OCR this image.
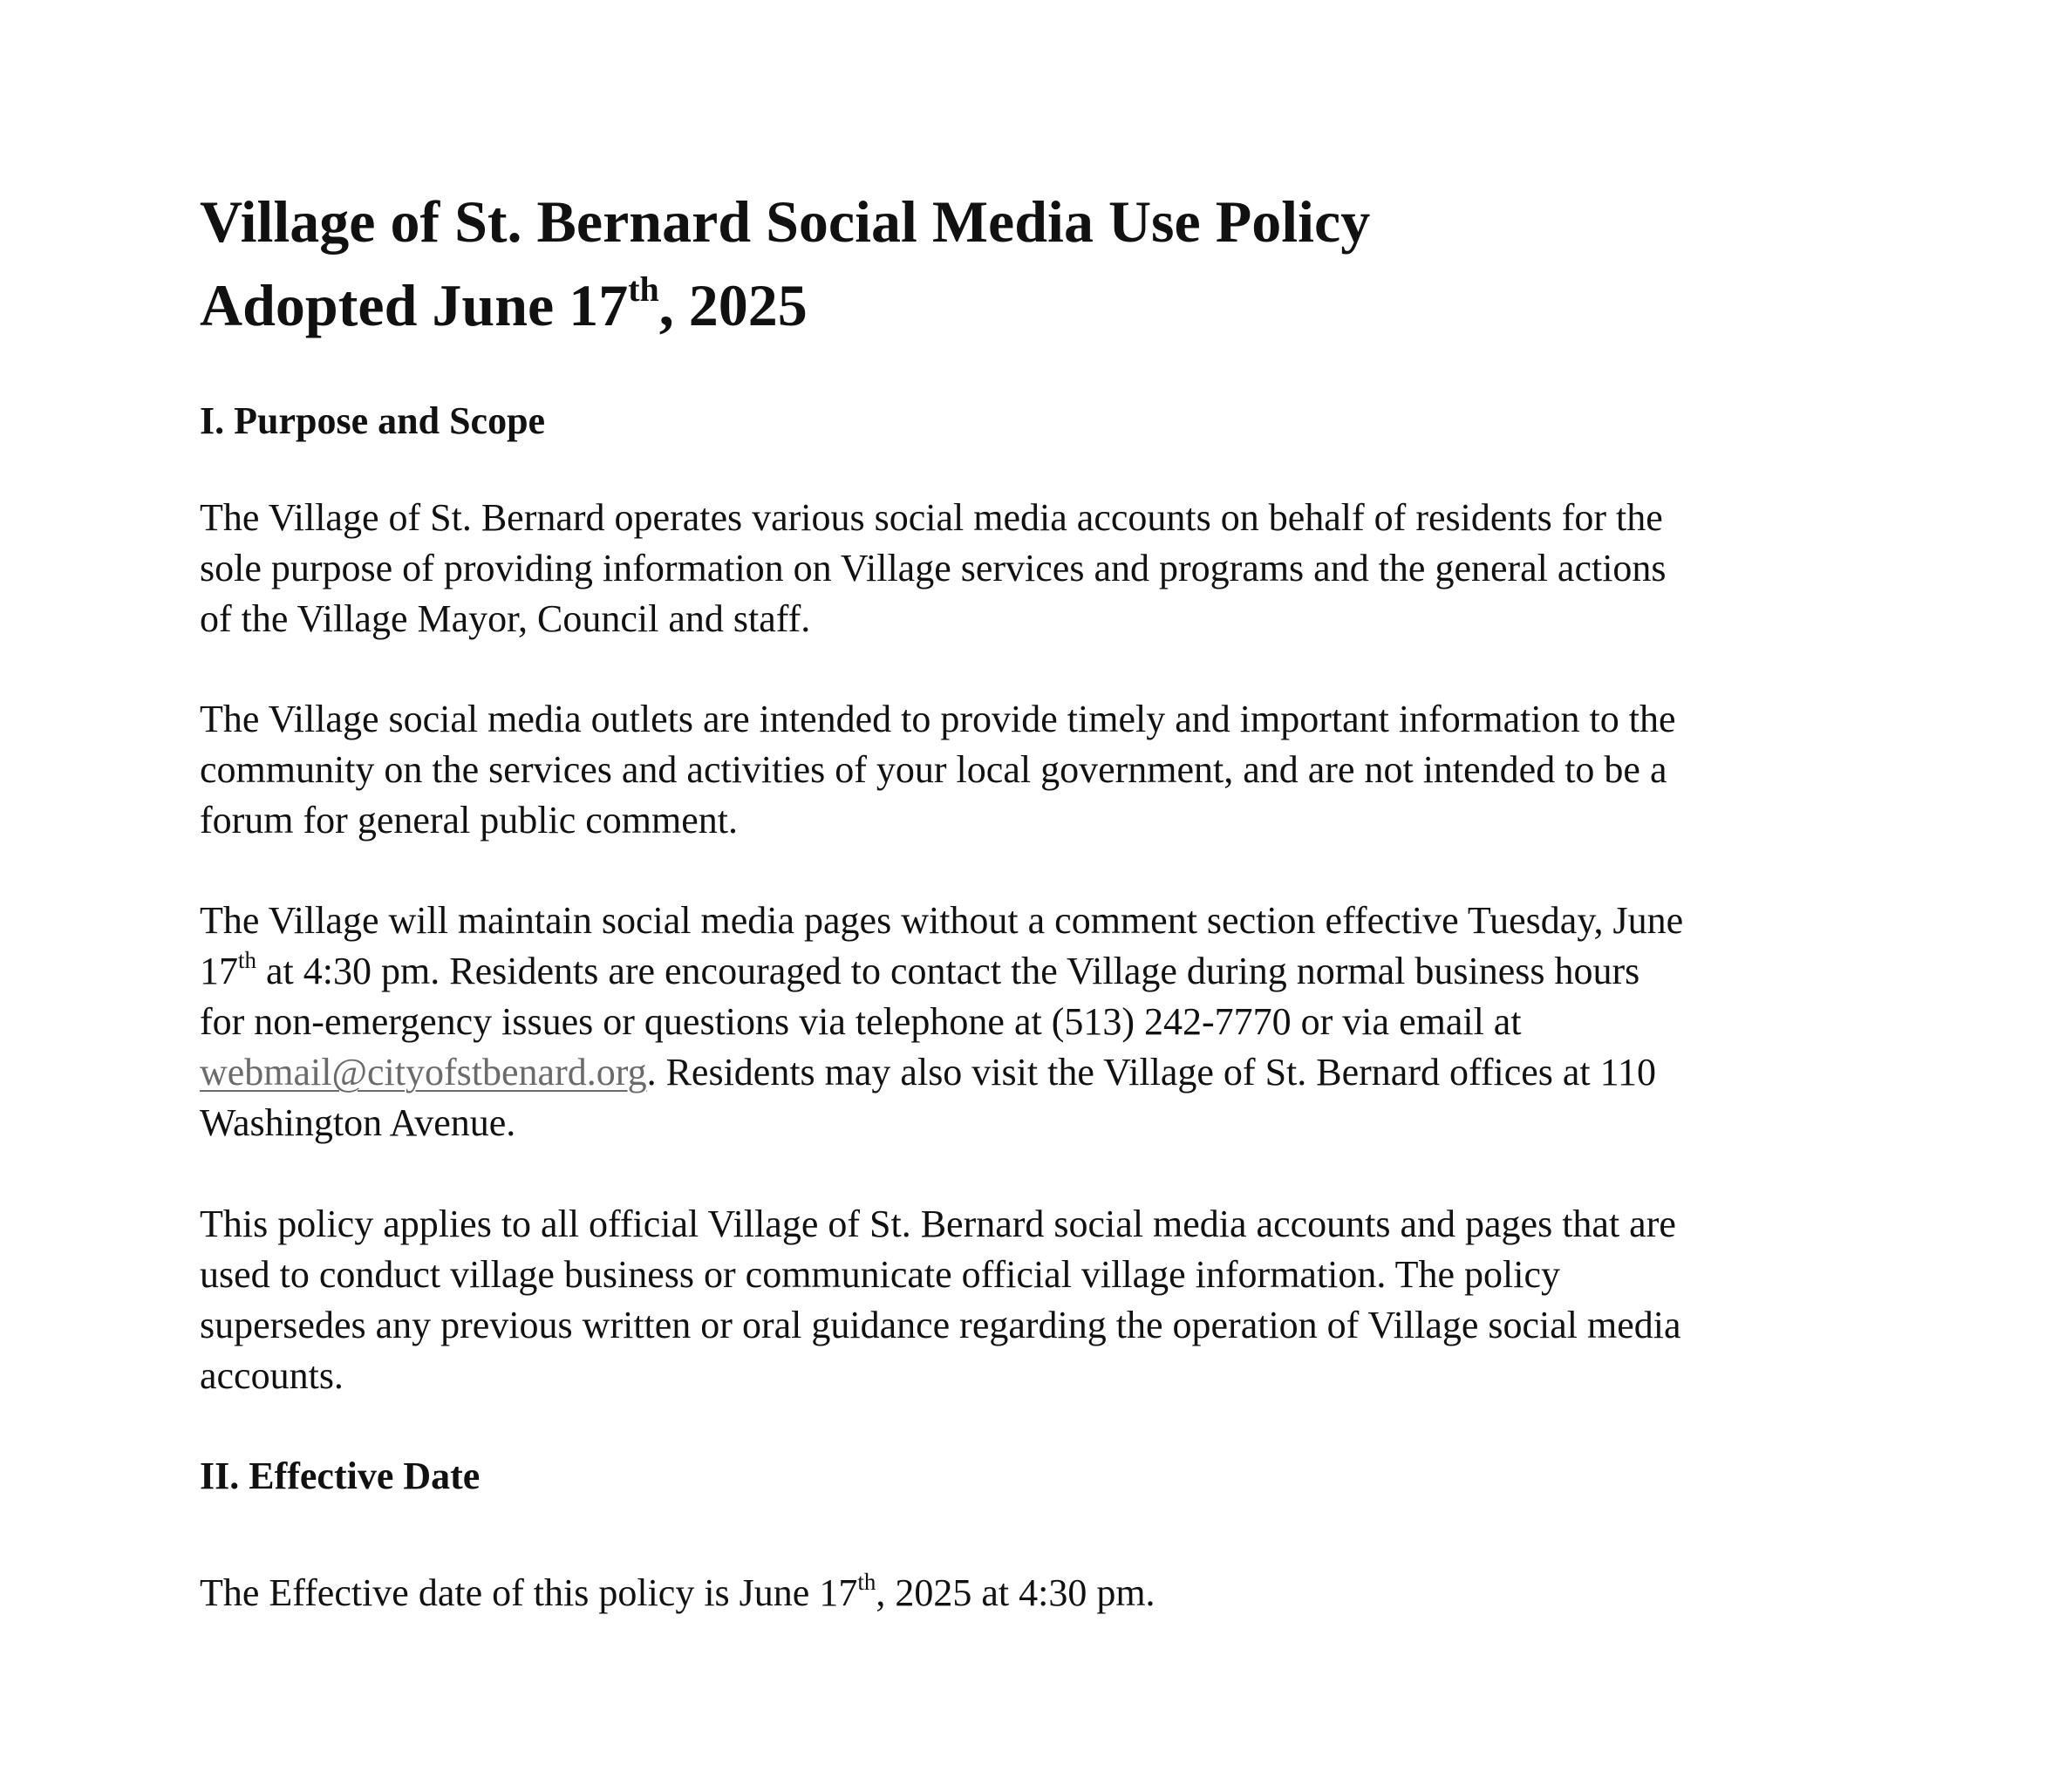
Village of St. Bernard Social Media Use Policy
Adopted June 17th, 2025
I. Purpose and Scope
The Village of St. Bernard operates various social media accounts on behalf of residents for the
sole purpose of providing information on Village services and programs and the general actions
of the Village Mayor, Council and staff.
The Village social media outlets are intended to provide timely and important information to the
community on the services and activities of your local government, and are not intended to be a
forum for general public comment.
The Village will maintain social media pages without a comment section effective Tuesday, June
17th at 4:30 pm. Residents are encouraged to contact the Village during normal business hours
for non-emergency issues or questions via telephone at (513) 242-7770 or via email at
webmail@cityofstbenard.org. Residents may also visit the Village of St. Bernard offices at 110
Washington Avenue.
This policy applies to all official Village of St. Bernard social media accounts and pages that are
used to conduct village business or communicate official village information. The policy
supersedes any previous written or oral guidance regarding the operation of Village social media
accounts.
II. Effective Date
The Effective date of this policy is June 17th, 2025 at 4:30 pm.
